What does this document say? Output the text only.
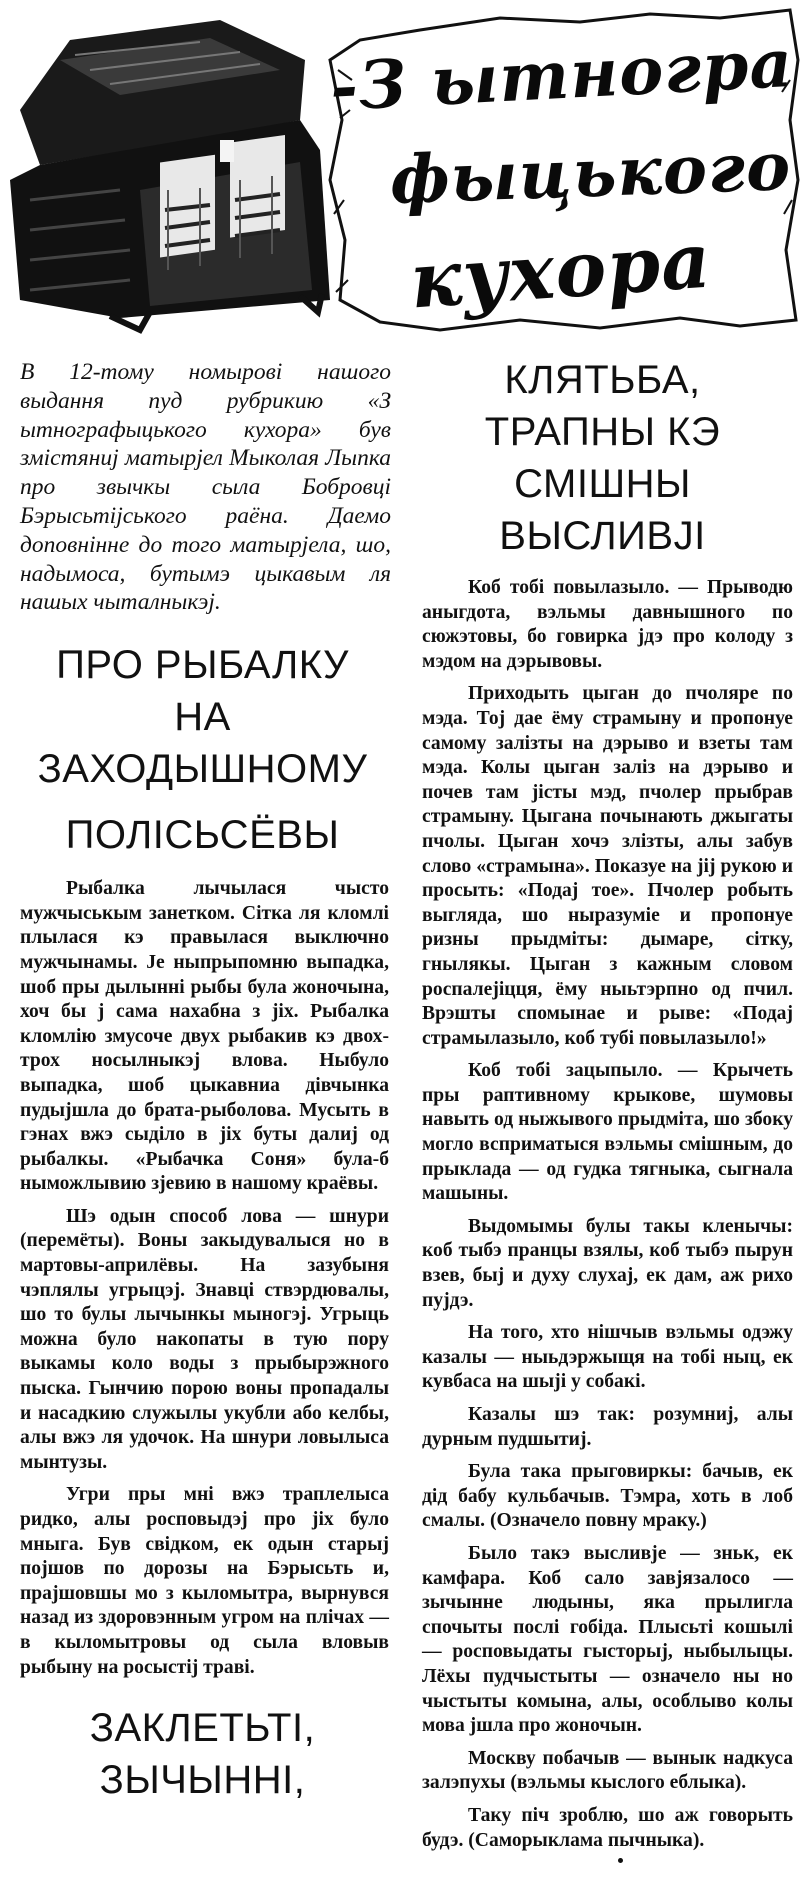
-З ытногра
фыцького
кухора
В 12-тому номырові нашого выдання пуд рубрикию «З ытнографыцького кухора» був змістяниj матырjел Мыколая Лыпка про звычкы сыла Бобровці Бэрысьтiјського раёна. Даемо доповнінне до того матырјела, шо, надымоса, бутымэ цыкавым ля нашых чыталныкэj.
ПРО РЫБАЛКУ
НА
ЗАХОДЫШНОМУ
ПОЛІСЬСЁВЫ

Рыбалка лычылася чысто мужчыськым занетком. Сітка ля кломлі плылася кэ правылася выключно мужчынамы. Јe ныпрыпомню выпадка, шоб пры дылынні рыбы була жоночына, хоч бы ј сама нахабна з јіх. Рыбалка кломлію змусоче двух рыбакив кэ двох-трох носылныкэj влова. Ныбуло выпадка, шоб цыкавниа дівчынка пудыјшла до брата-рыболова. Мусыть в гэнах вжэ сыділо в јіх буты далиј од рыбалкы. «Рыбачка Соня» була-б ныможлывию зјевию в нашому краёвы.

Шэ одын способ лова — шнури (перемёты). Воны закыдувалыся но в мартовы-априлёвы. На зазубыня чэплялы угрыцэj. Знавці ствэрдювалы, шо то булы лычынкы мыногэj. Угрыць можна було накопаты в тую пору выкамы коло воды з прыбырэжного пыска. Гынчию порою воны пропадалы и насадкию служылы укубли або келбы, алы вжэ ля удочок. На шнури ловылыса мынтузы.

Угри пры мні вжэ траплелыса ридко, алы росповыдэj про јіх було мныга. Був свідком, ек одын старыј појшов по дорозы на Бэрысьть и, прајшовшы мо з кыломытра, вырнувся назад из здоровэнным угром на плічах — в кыломытровы од сыла вловыв рыбыну на росыстіj траві.

ЗАКЛЕТЬТІ,
ЗЫЧЫННІ,
КЛЯТЬБА,
ТРАПНЫ КЭ
СМІШНЫ
ВЫСЛИВJI

Коб тобі повылазыло. — Прыводю аныгдота, вэльмы давнышного по сюжэтовы, бо говирка јдэ про колоду з мэдом на дэрывовы.

Приходыть цыган до пчоляре по мэда. Тој дае ёму страмыну и пропонуе самому залізты на дэрыво и взеты там мэда. Колы цыган заліз на дэрыво и почев там јісты мэд, пчолер прыбрав страмыну. Цыгана почынають джыгаты пчолы. Цыган хочэ злізты, алы забув слово «страмына». Показуе на јіj рукою и просыть: «Подај тое». Пчолер робыть выгляда, шо ныразуміе и пропонуе ризны прыдміты: дымаре, сітку, гнылякы. Цыган з кажным словом роспалеjіцця, ёму ныьтэрпно од пчил. Врэшты спомынае и рыве: «Подај страмылазыло, коб тубі повылазыло!»

Коб тобі зацыпыло. — Крычеть пры раптивному крыкове, шумовы навыть од ныжывого прыдміта, шо збоку могло всприматыся вэльмы смішным, до прыклада — од гудка тягныка, сыгнала машыны.

Выдомымы булы такы кленычы: коб тыбэ пранцы взялы, коб тыбэ пырун взев, быј и духу слухај, ек дам, аж рихо пуjдэ.

На того, хто нішчыв вэльмы одэжу казалы — ныьдэржыщя на тобі ныц, ек кувбаса на шыjі у собакі.

Казалы шэ так: розумниj, алы дурным пудшытиj.

Була така прыговиркы: бачыв, ек дід бабу кульбачыв. Тэмра, хоть в лоб смалы. (Означело повну мраку.)

Было такэ высливје — зньк, ек камфара. Коб сало завјязалосо — зычынне людыны, яка прылигла спочыты послі гобіда. Плысьті кошылі — росповыдаты гысторыj, ныбылыцы. Лёхы пудчыстыты — означело ны но чыстыты комына, алы, особлыво колы мова јшла про жоночын.

Москву побачыв — вынык надкуса залэпухы (вэльмы кыслого еблыка).

Таку піч зроблю, шо аж говорыть будэ. (Саморыклама пычныка).
